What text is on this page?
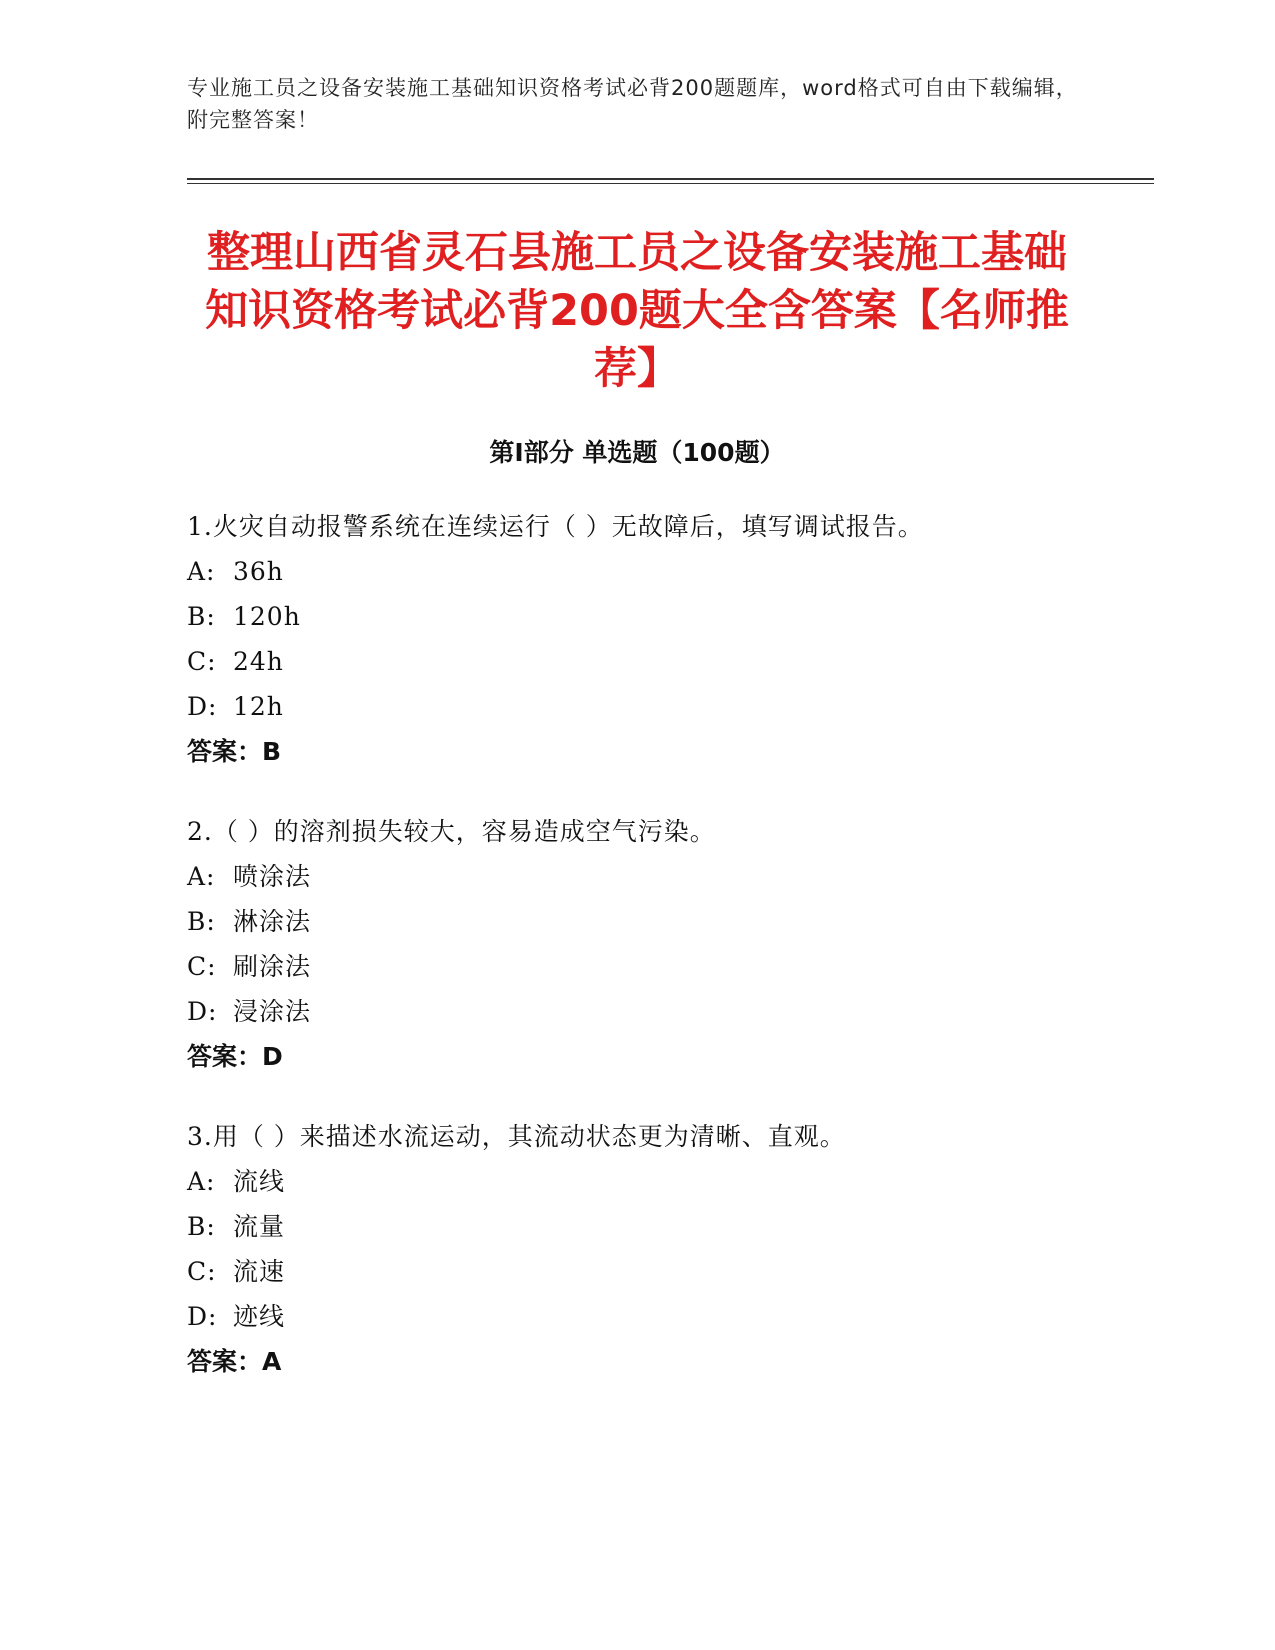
专业施工员之设备安装施工基础知识资格考试必背200题题库，word格式可自由下载编辑，附完整答案！
整理山西省灵石县施工员之设备安装施工基础知识资格考试必背200题大全含答案【名师推荐】
第Ⅰ部分 单选题（100题）
1.火灾自动报警系统在连续运行（ ）无故障后，填写调试报告。
A: 36h
B: 120h
C: 24h
D: 12h
答案：B
2.（ ）的溶剂损失较大，容易造成空气污染。
A: 喷涂法
B: 淋涂法
C: 刷涂法
D: 浸涂法
答案：D
3.用（ ）来描述水流运动，其流动状态更为清晰、直观。
A: 流线
B: 流量
C: 流速
D: 迹线
答案：A
